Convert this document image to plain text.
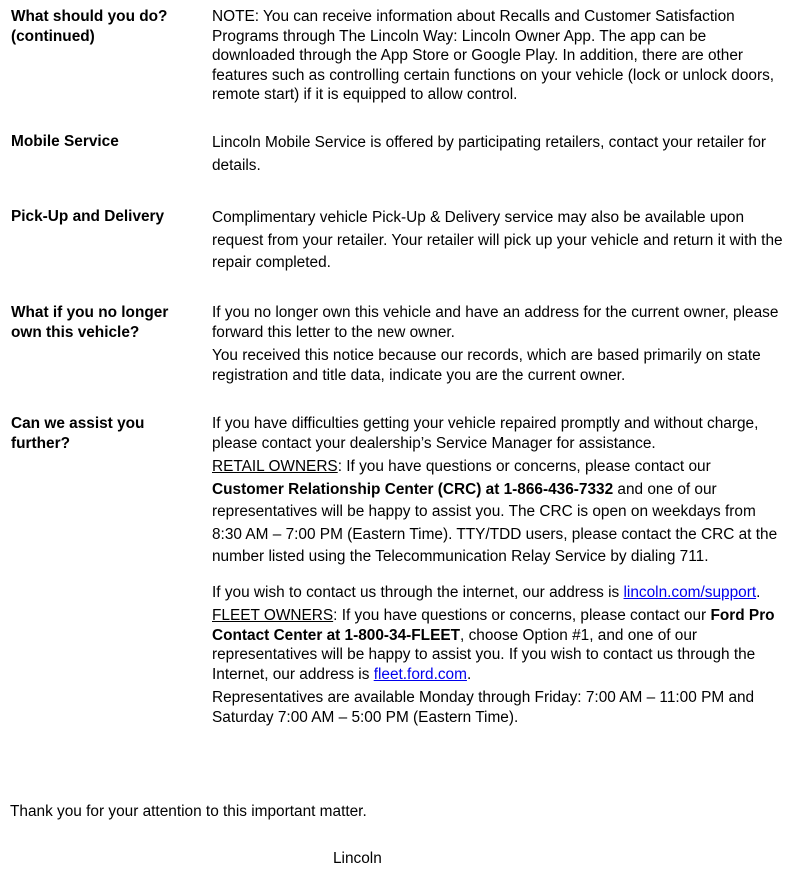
What should you do? (continued)

NOTE: You can receive information about Recalls and Customer Satisfaction Programs through The Lincoln Way: Lincoln Owner App. The app can be downloaded through the App Store or Google Play. In addition, there are other features such as controlling certain functions on your vehicle (lock or unlock doors, remote start) if it is equipped to allow control.

Mobile Service	Lincoln Mobile Service is offered by participating retailers, contact your retailer for details.

Pick-Up and Delivery	Complimentary vehicle Pick-Up & Delivery service may also be available upon request from your retailer. Your retailer will pick up your vehicle and return it with the repair completed.

What if you no longer own this vehicle?

If you no longer own this vehicle and have an address for the current owner, please forward this letter to the new owner.

You received this notice because our records, which are based primarily on state registration and title data, indicate you are the current owner.

Can we assist you further?

If you have difficulties getting your vehicle repaired promptly and without charge, please contact your dealership’s Service Manager for assistance.

RETAIL OWNERS: If you have questions or concerns, please contact our Customer Relationship Center (CRC) at 1-866-436-7332 and one of our representatives will be happy to assist you. The CRC is open on weekdays from 8:30 AM – 7:00 PM (Eastern Time). TTY/TDD users, please contact the CRC at the number listed using the Telecommunication Relay Service by dialing 711.

If you wish to contact us through the internet, our address is lincoln.com/support.

FLEET OWNERS: If you have questions or concerns, please contact our Ford Pro Contact Center at 1-800-34-FLEET, choose Option #1, and one of our representatives will be happy to assist you. If you wish to contact us through the Internet, our address is fleet.ford.com.

Representatives are available Monday through Friday: 7:00 AM – 11:00 PM and Saturday 7:00 AM – 5:00 PM (Eastern Time).

Thank you for your attention to this important matter.
Lincoln
